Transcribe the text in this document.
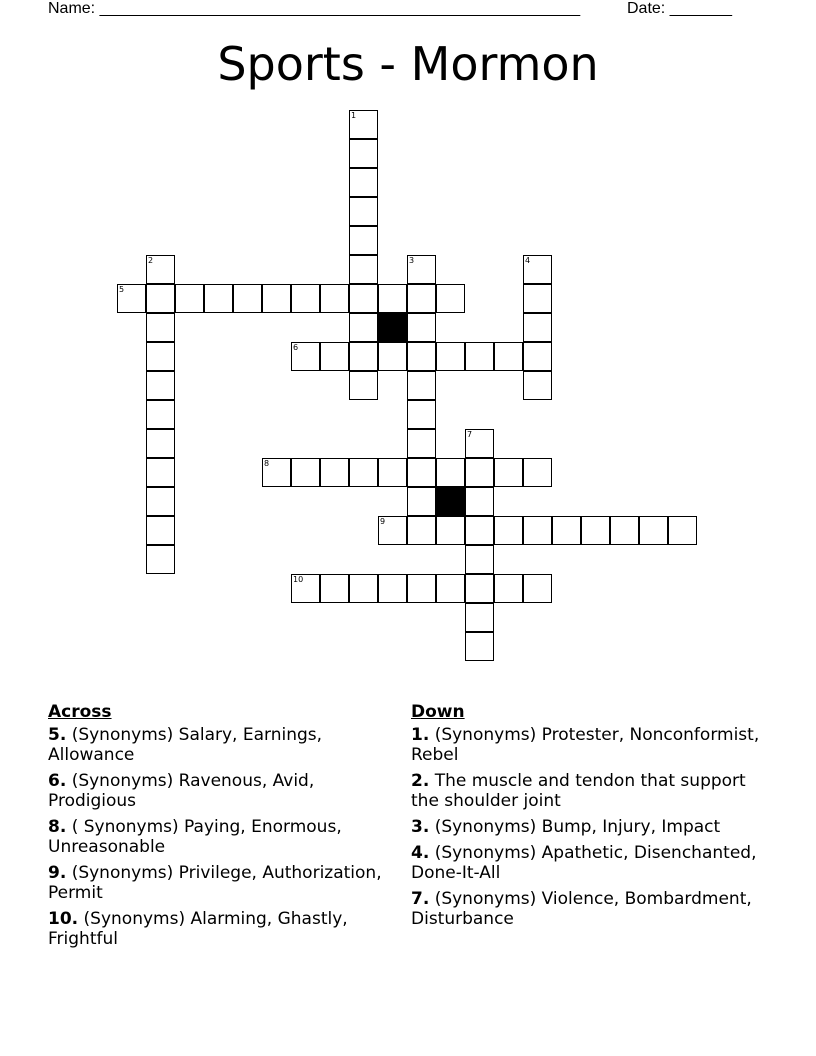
Name: ______________________________________________________	Date: _______
Sports - Mormon
1
2	3	4
5
6
7
8
9
10
Across
5. (Synonyms) Salary, Earnings, Allowance
6. (Synonyms) Ravenous, Avid, Prodigious
8. ( Synonyms) Paying, Enormous, Unreasonable
9. (Synonyms) Privilege, Authorization, Permit
10. (Synonyms) Alarming, Ghastly, Frightful
Down
1. (Synonyms) Protester, Nonconformist, Rebel
2. The muscle and tendon that support the shoulder joint
3. (Synonyms) Bump, Injury, Impact
4. (Synonyms) Apathetic, Disenchanted, Done-It-All
7. (Synonyms) Violence, Bombardment, Disturbance
